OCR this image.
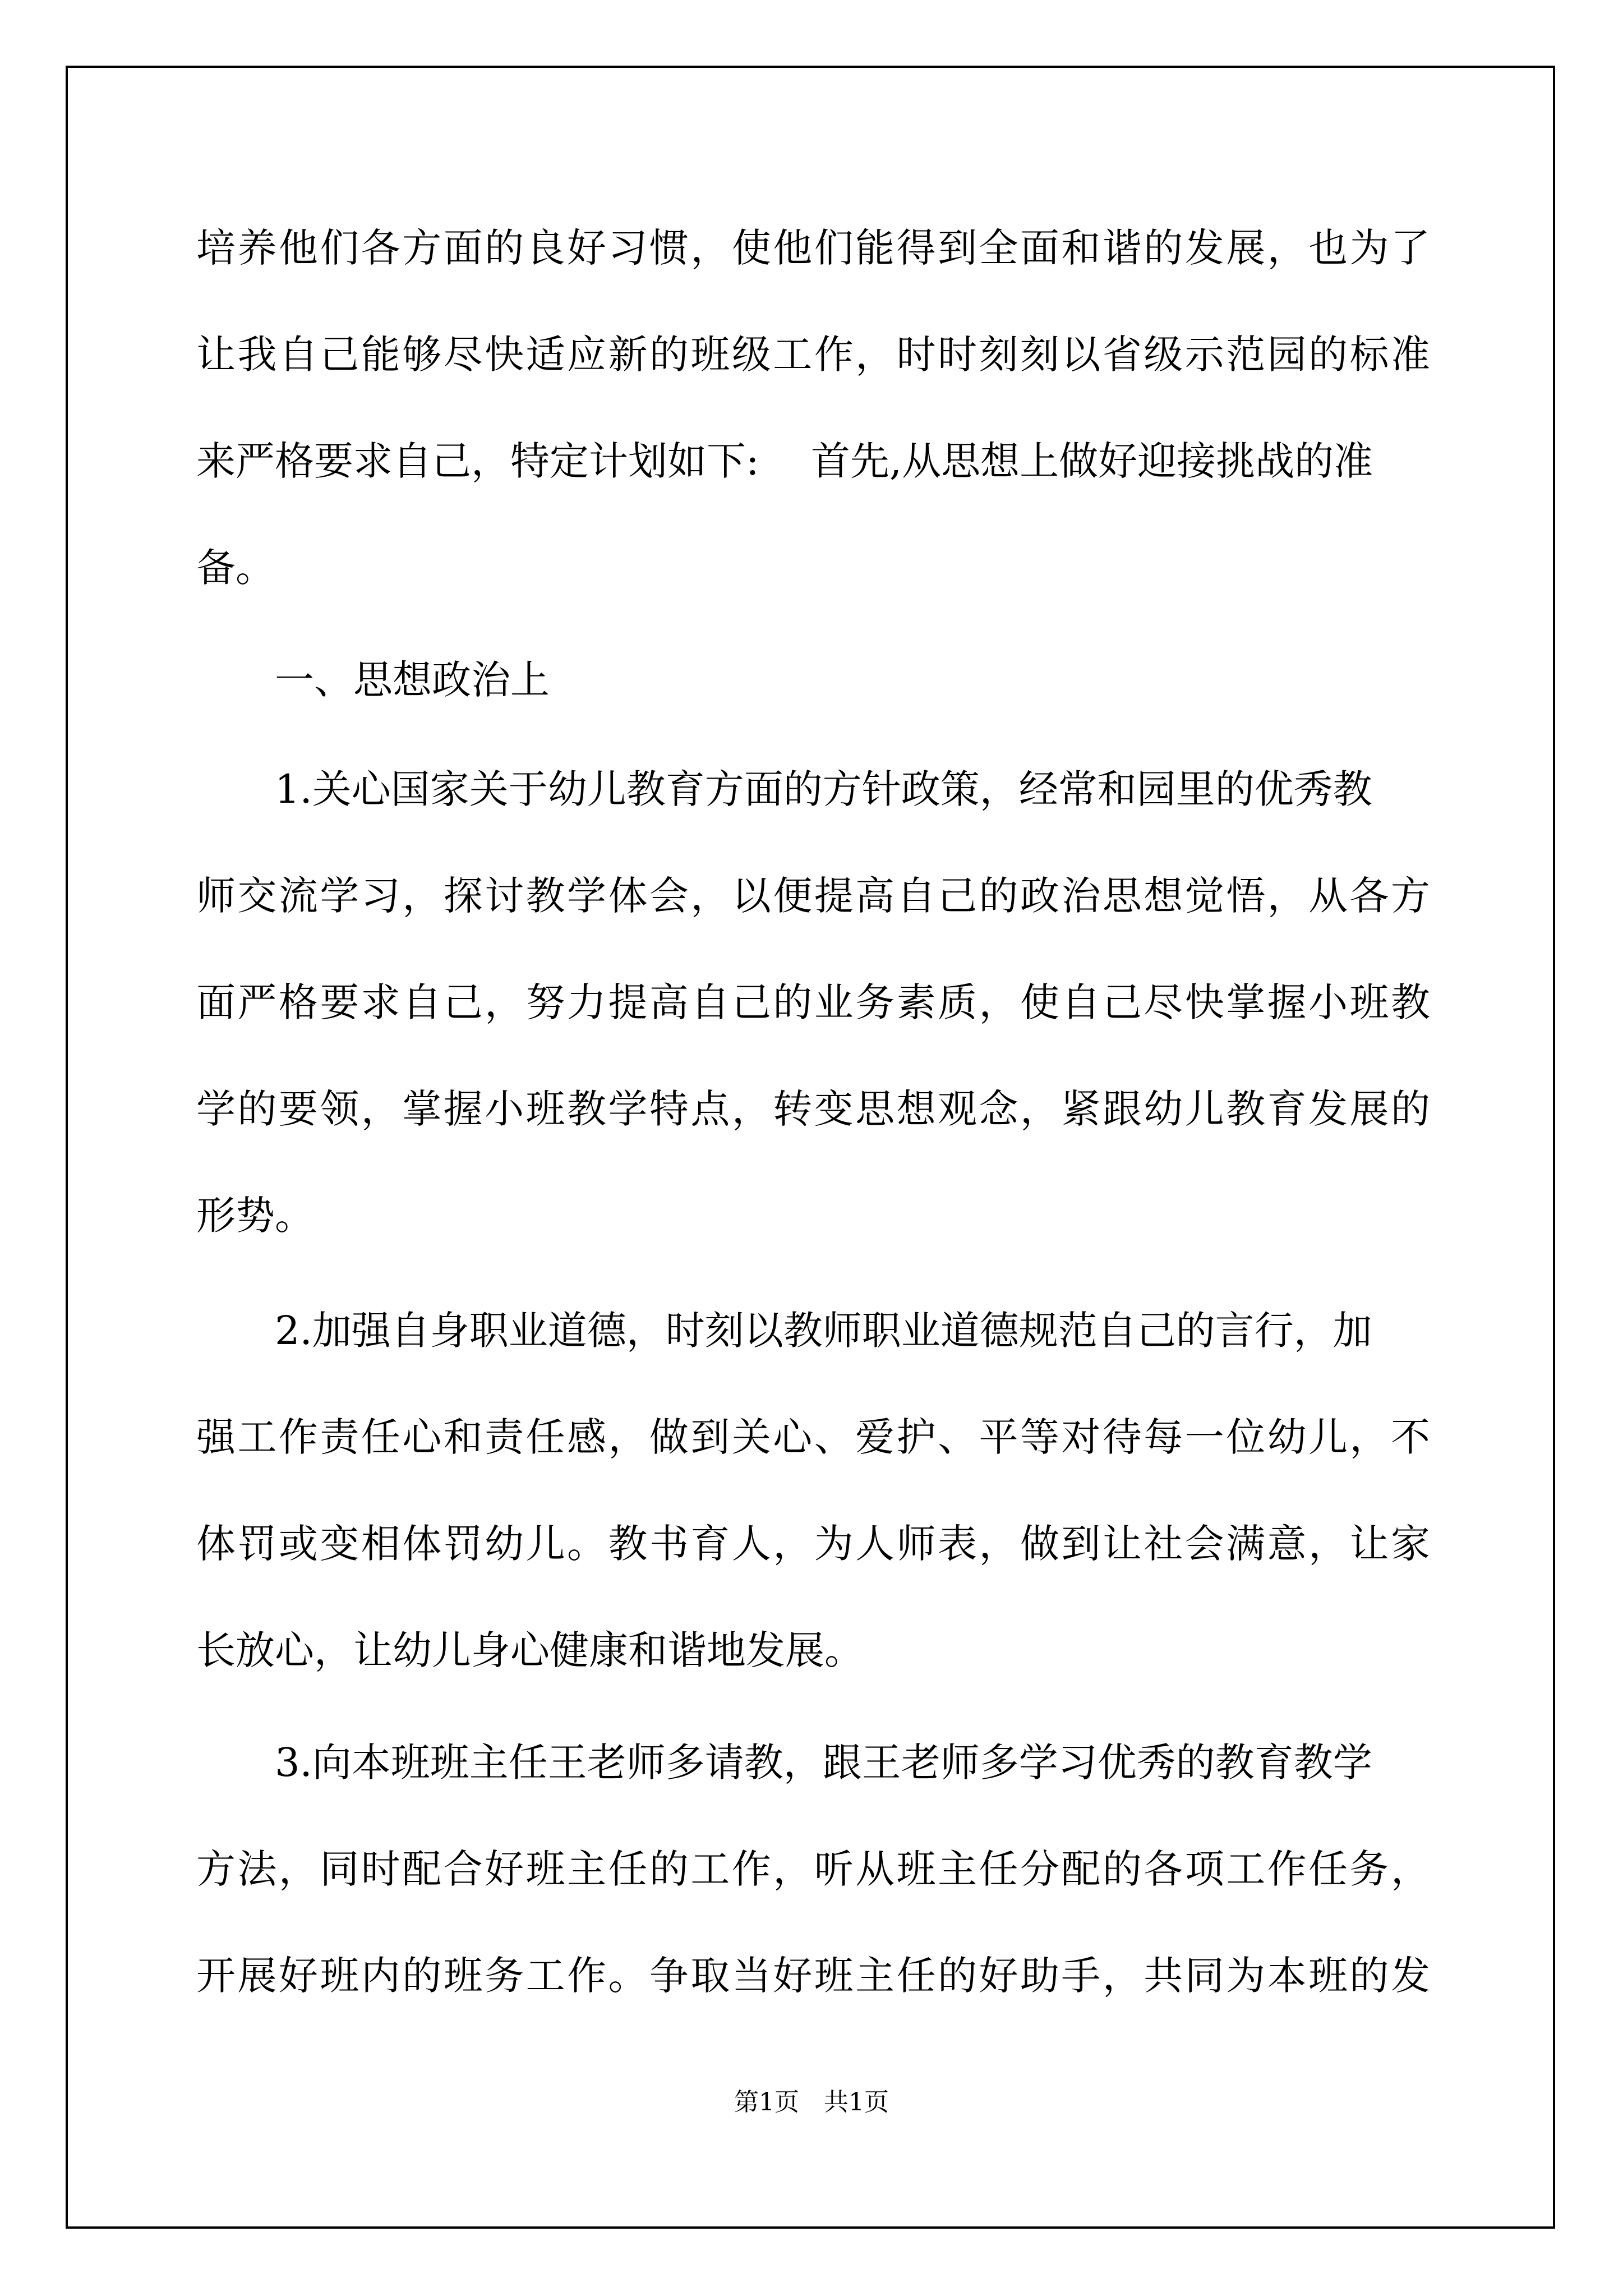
培养他们各方面的良好习惯，使他们能得到全面和谐的发展，也为了
让我自己能够尽快适应新的班级工作，时时刻刻以省级示范园的标准
来严格要求自己，特定计划如下:　 首先,从思想上做好迎接挑战的准
备。
一、思想政治上
1.关心国家关于幼儿教育方面的方针政策，经常和园里的优秀教
师交流学习，探讨教学体会，以便提高自己的政治思想觉悟，从各方
面严格要求自己，努力提高自己的业务素质，使自己尽快掌握小班教
学的要领，掌握小班教学特点，转变思想观念，紧跟幼儿教育发展的
形势。
2.加强自身职业道德，时刻以教师职业道德规范自己的言行，加
强工作责任心和责任感，做到关心、爱护、平等对待每一位幼儿，不
体罚或变相体罚幼儿。教书育人，为人师表，做到让社会满意，让家
长放心，让幼儿身心健康和谐地发展。
3.向本班班主任王老师多请教，跟王老师多学习优秀的教育教学
方法，同时配合好班主任的工作，听从班主任分配的各项工作任务，
开展好班内的班务工作。争取当好班主任的好助手，共同为本班的发
第1页　共1页
